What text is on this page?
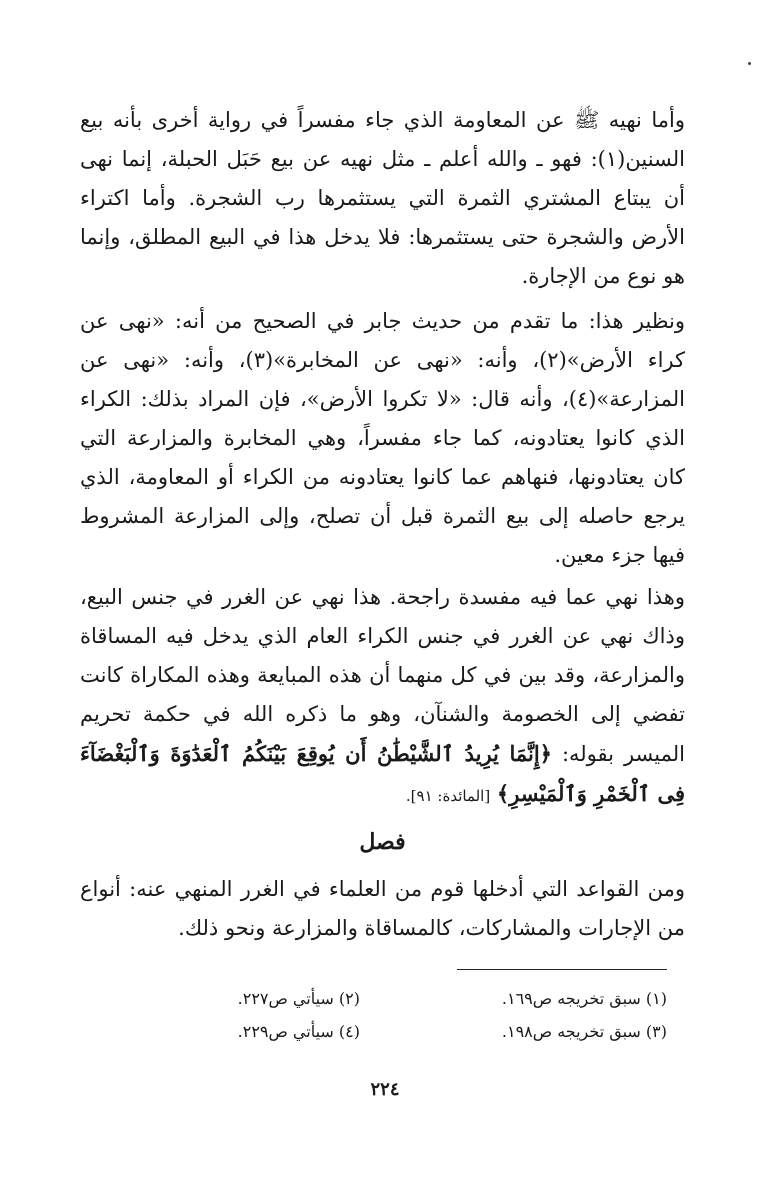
وأما نهيه ﷺ عن المعاومة الذي جاء مفسراً في رواية أخرى بأنه بيع السنين(١): فهو ـ والله أعلم ـ مثل نهيه عن بيع حَبَل الحبلة، إنما نهى أن يبتاع المشتري الثمرة التي يستثمرها رب الشجرة. وأما اكتراء الأرض والشجرة حتى يستثمرها: فلا يدخل هذا في البيع المطلق، وإنما هو نوع من الإجارة.

ونظير هذا: ما تقدم من حديث جابر في الصحيح من أنه: «نهى عن كراء الأرض»(٢)، وأنه: «نهى عن المخابرة»(٣)، وأنه: «نهى عن المزارعة»(٤)، وأنه قال: «لا تكروا الأرض»، فإن المراد بذلك: الكراء الذي كانوا يعتادونه، كما جاء مفسراً، وهي المخابرة والمزارعة التي كان يعتادونها، فنهاهم عما كانوا يعتادونه من الكراء أو المعاومة، الذي يرجع حاصله إلى بيع الثمرة قبل أن تصلح، وإلى المزارعة المشروط فيها جزء معين.

وهذا نهي عما فيه مفسدة راجحة. هذا نهي عن الغرر في جنس البيع، وذاك نهي عن الغرر في جنس الكراء العام الذي يدخل فيه المساقاة والمزارعة، وقد بين في كل منهما أن هذه المبايعة وهذه المكاراة كانت تفضي إلى الخصومة والشنآن، وهو ما ذكره الله في حكمة تحريم الميسر بقوله: ﴿إِنَّمَا يُرِيدُ ٱلشَّيْطَٰنُ أَن يُوقِعَ بَيْنَكُمُ ٱلْعَدَٰوَةَ وَٱلْبَغْضَآءَ فِى ٱلْخَمْرِ وَٱلْمَيْسِرِ﴾ [المائدة: ٩١].

فصل

ومن القواعد التي أدخلها قوم من العلماء في الغرر المنهي عنه: أنواع من الإجارات والمشاركات، كالمساقاة والمزارعة ونحو ذلك.

(١) سبق تخريجه ص١٦٩.
(٢) سيأتي ص٢٢٧.
(٣) سبق تخريجه ص١٩٨.
(٤) سيأتي ص٢٢٩.
٢٢٤
